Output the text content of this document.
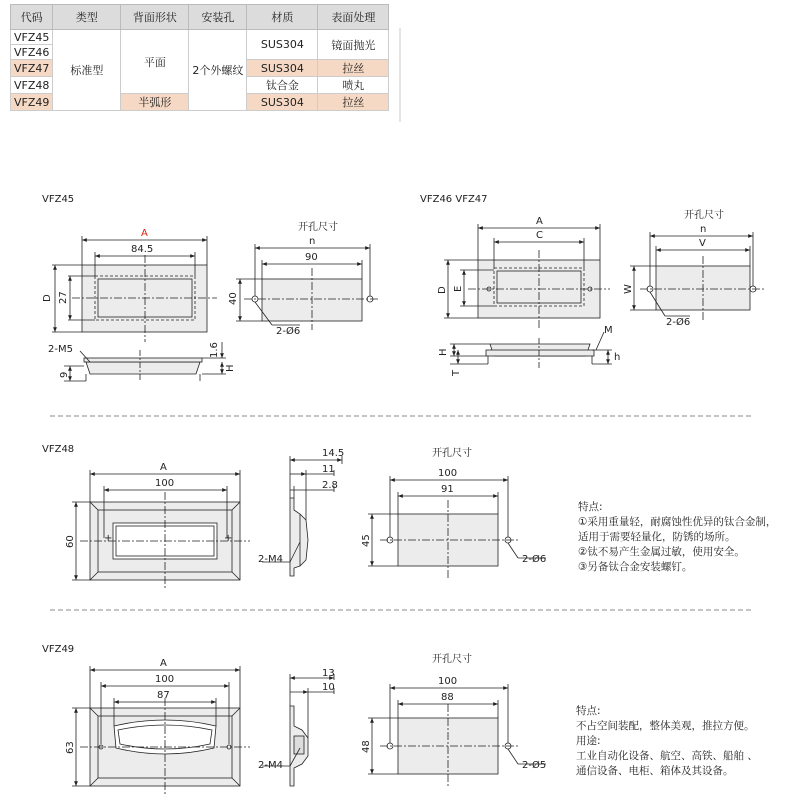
代码	类型	背面形状	安装孔	材质	表面处理
VFZ45	标准型	平面	2个外螺纹	SUS304	镜面抛光
VFZ46					
VFZ47				SUS304	拉丝
VFZ48				钛合金	喷丸
VFZ49		半弧形		SUS304	拉丝
VFZ45
A
84.5
D 27
2-M5	1.6
H
9
开孔尺寸
n
90
40
2-Ø6
VFZ46 VFZ47
A
C
D E
H
T
M
h
开孔尺寸
n
V
W
2-Ø6
VFZ48
+	+
A
100
60
14.5
11
2.8
2-M4
开孔尺寸
100
91
45
2-Ø6
VFZ49
A
100
87
63
13
10
2-M4
开孔尺寸
100
88
48
2-Ø5
特点:
①采用重量轻，耐腐蚀性优异的钛合金制，
适用于需要轻量化，防锈的场所。
②钛不易产生金属过敏，使用安全。
③另备钛合金安装螺钉。
特点:
不占空间装配，整体美观，推拉方便。
用途:
工业自动化设备、航空、高铁、船舶 、
通信设备、电柜、箱体及其设备。
